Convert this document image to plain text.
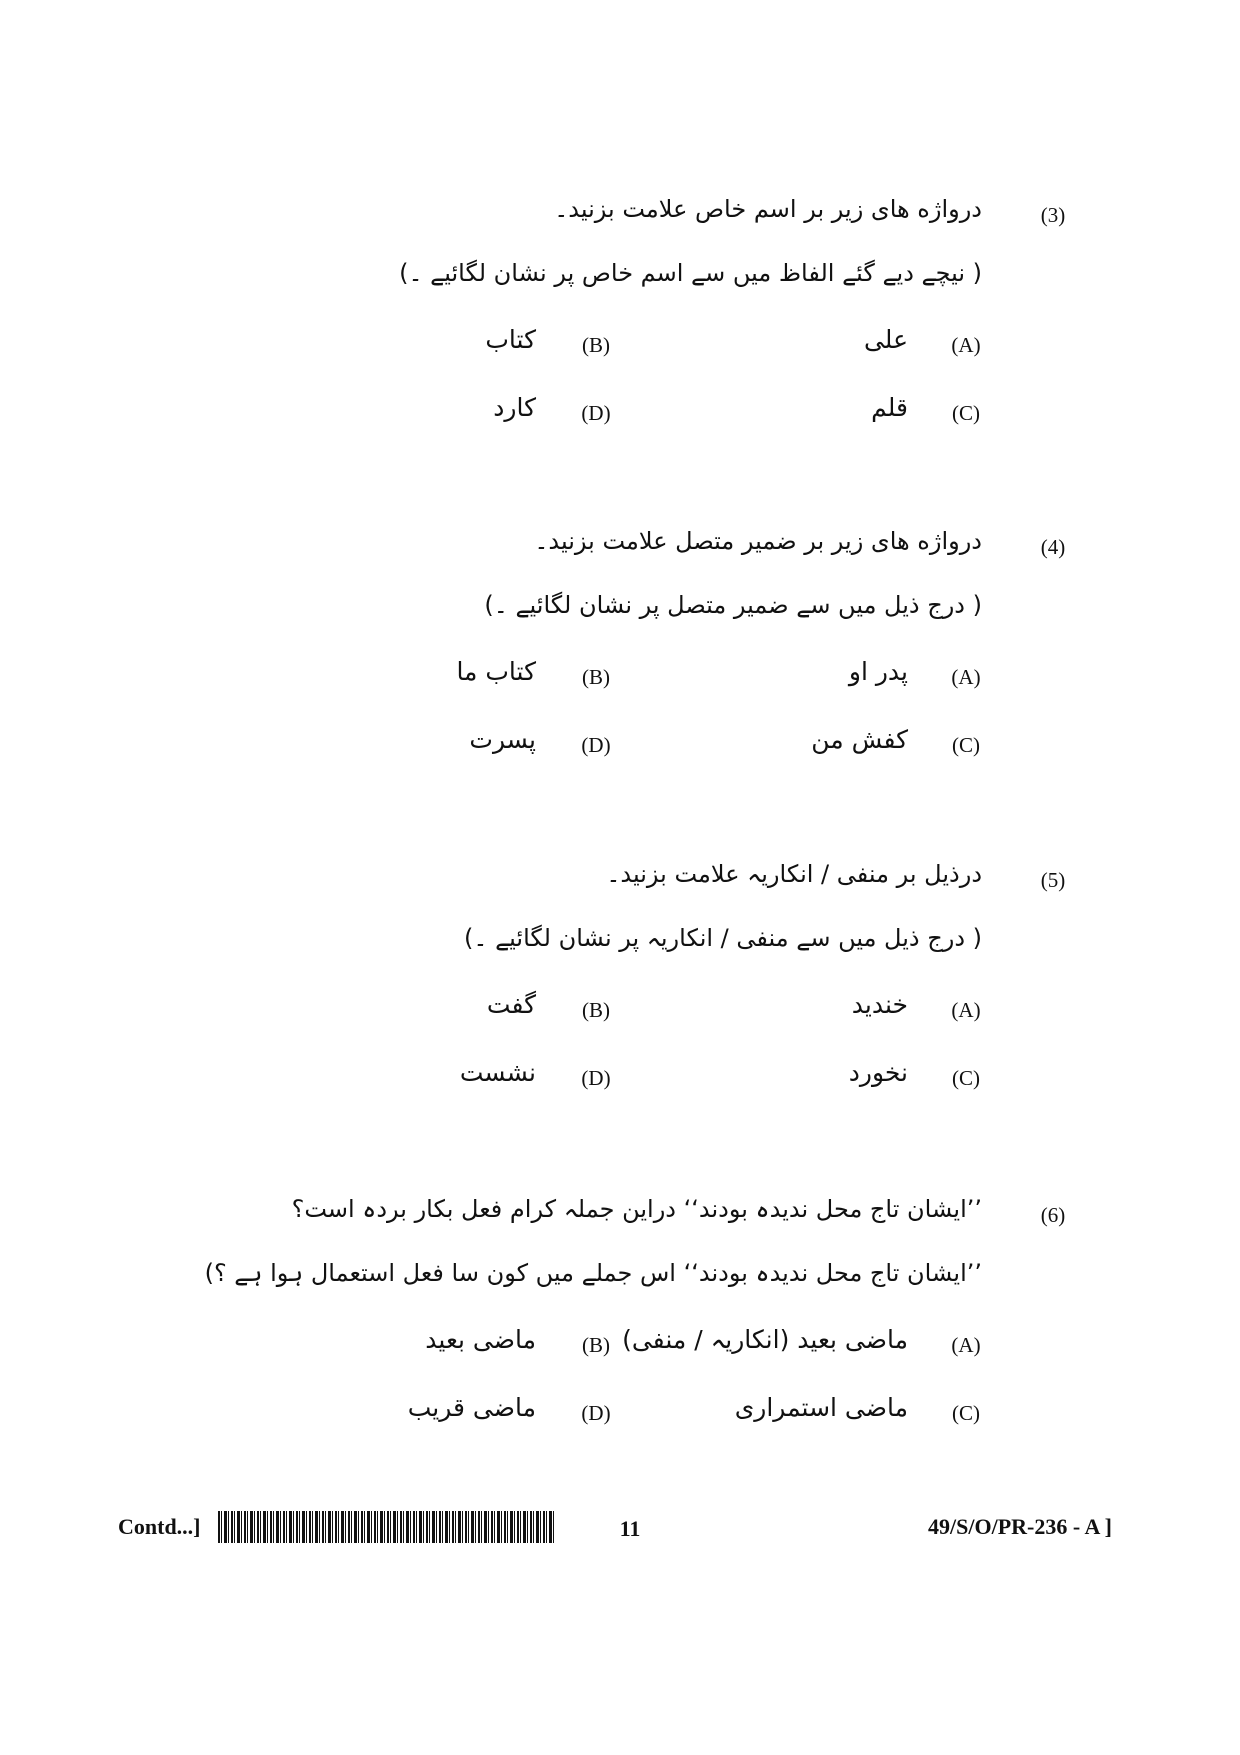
(3)
درواژه های زیر بر اسم خاص علامت بزنید۔
( نیچے دیے گئے الفاظ میں سے اسم خاص پر نشان لگائیے ۔)
(A)
علی
(B)
کتاب
(C)
قلم
(D)
کارد
(4)
درواژه های زیر بر ضمیر متصل علامت بزنید۔
( درج ذیل میں سے ضمیر متصل پر نشان لگائیے ۔)
(A)
پدر او
(B)
کتاب ما
(C)
کفش من
(D)
پسرت
(5)
درذیل بر منفی / انکاریہ علامت بزنید۔
( درج ذیل میں سے منفی / انکاریہ پر نشان لگائیے ۔)
(A)
خندید
(B)
گفت
(C)
نخورد
(D)
نشست
(6)
’’ایشان تاج محل ندیدہ بودند‘‘ دراین جملہ کرام فعل بکار بردہ است؟
’’ایشان تاج محل ندیدہ بودند‘‘ اس جملے میں کون سا فعل استعمال ہوا ہے ؟)
(A)
ماضی بعید (انکاریہ / منفی)
(B)
ماضی بعید
(C)
ماضی استمراری
(D)
ماضی قریب
Contd...]	11	49/S/O/PR-236 - A ]
